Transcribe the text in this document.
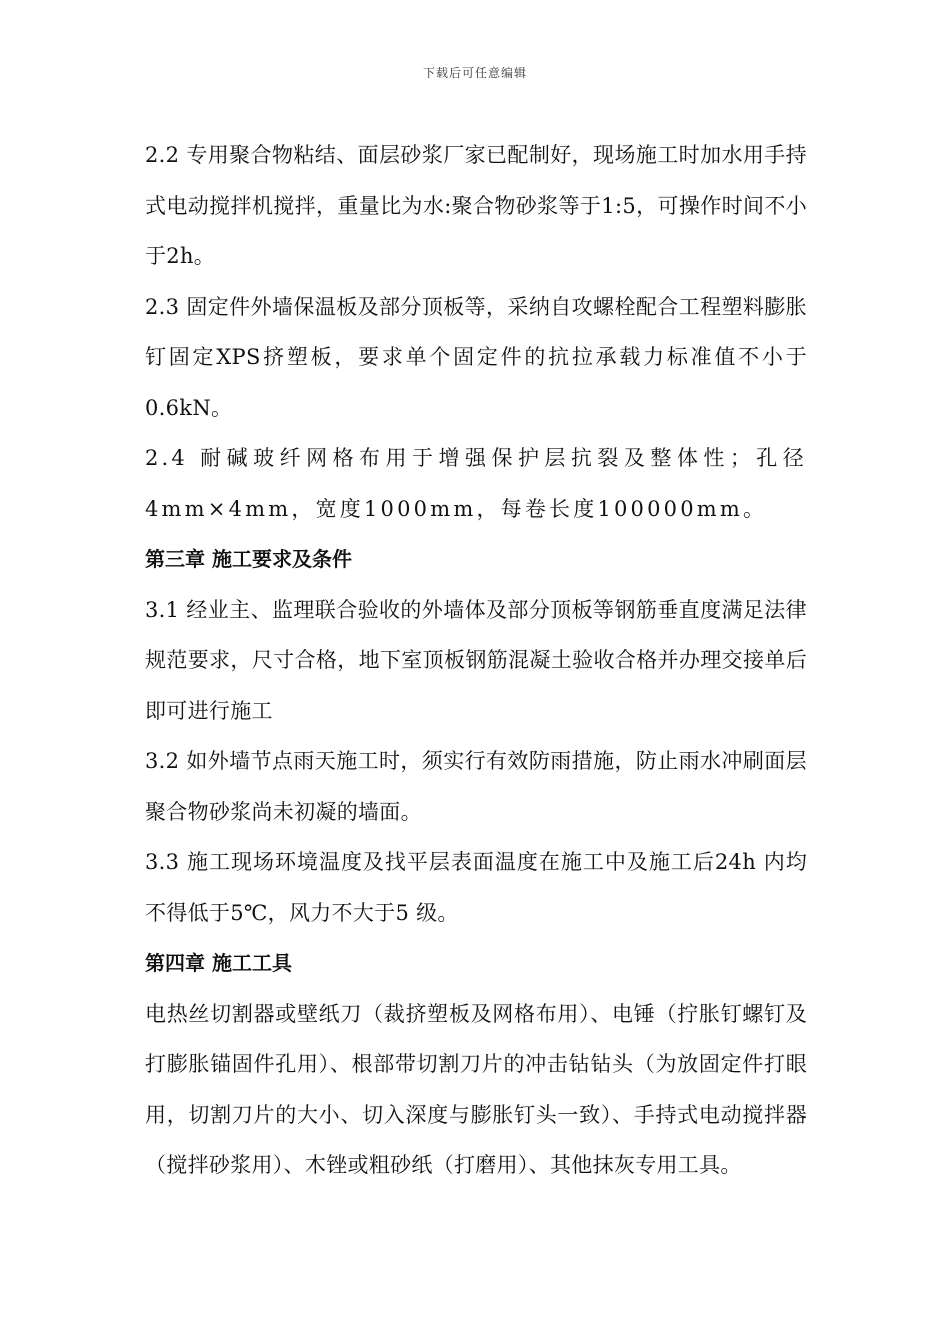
下载后可任意编辑

2.2 专用聚合物粘结、面层砂浆厂家已配制好，现场施工时加水用手持式电动搅拌机搅拌，重量比为水:聚合物砂浆等于1:5，可操作时间不小于2h。

2.3 固定件外墙保温板及部分顶板等，采纳自攻螺栓配合工程塑料膨胀钉固定XPS挤塑板，要求单个固定件的抗拉承载力标准值不小于0.6kN。

2.4 耐碱玻纤网格布用于增强保护层抗裂及整体性；孔径4mm×4mm，宽度1000mm，每卷长度100000mm。

第三章 施工要求及条件

3.1 经业主、监理联合验收的外墙体及部分顶板等钢筋垂直度满足法律规范要求，尺寸合格，地下室顶板钢筋混凝土验收合格并办理交接单后即可进行施工

3.2 如外墙节点雨天施工时，须实行有效防雨措施，防止雨水冲刷面层聚合物砂浆尚未初凝的墙面。

3.3 施工现场环境温度及找平层表面温度在施工中及施工后24h 内均不得低于5℃，风力不大于5 级。

第四章 施工工具

电热丝切割器或壁纸刀（裁挤塑板及网格布用）、电锤（拧胀钉螺钉及打膨胀锚固件孔用）、根部带切割刀片的冲击钻钻头（为放固定件打眼用，切割刀片的大小、切入深度与膨胀钉头一致）、手持式电动搅拌器（搅拌砂浆用）、木锉或粗砂纸（打磨用）、其他抹灰专用工具。
